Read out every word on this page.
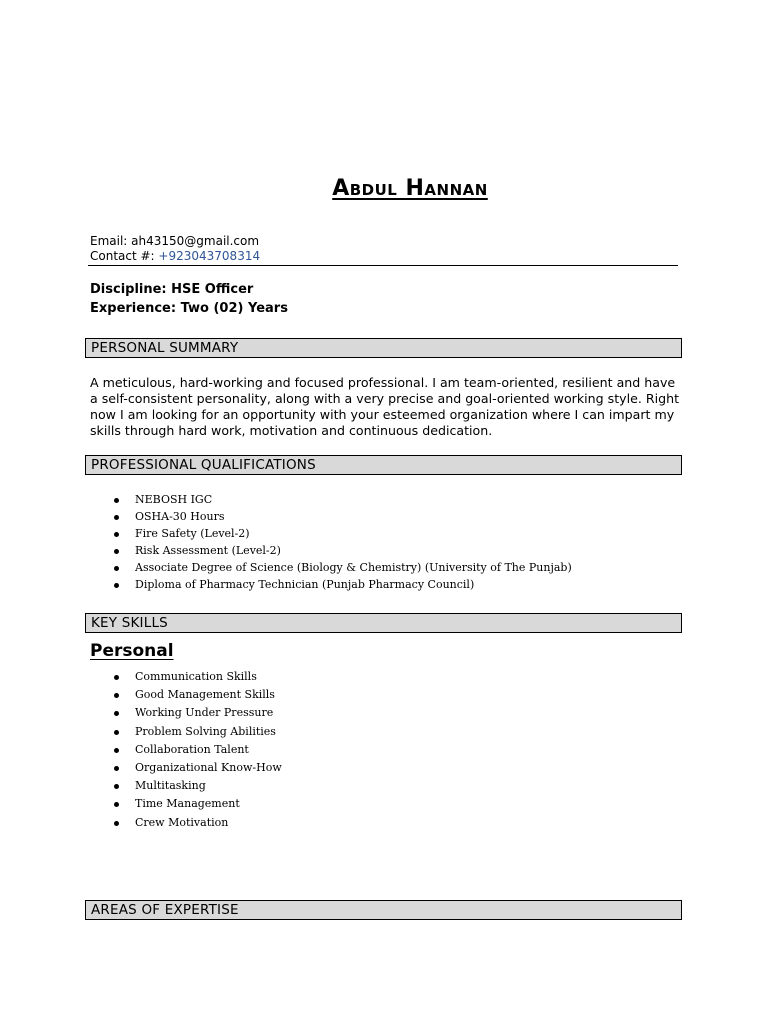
Abdul Hannan
Email: ah43150@gmail.com
Contact #: +923043708314
Discipline: HSE Officer
Experience: Two (02) Years
PERSONAL SUMMARY
A meticulous, hard-working and focused professional. I am team-oriented, resilient and have a self-consistent personality, along with a very precise and goal-oriented working style. Right now I am looking for an opportunity with your esteemed organization where I can impart my skills through hard work, motivation and continuous dedication.
PROFESSIONAL QUALIFICATIONS
NEBOSH IGC
OSHA-30 Hours
Fire Safety (Level-2)
Risk Assessment (Level-2)
Associate Degree of Science (Biology & Chemistry) (University of The Punjab)
Diploma of Pharmacy Technician (Punjab Pharmacy Council)
KEY SKILLS
Personal
Communication Skills
Good Management Skills
Working Under Pressure
Problem Solving Abilities
Collaboration Talent
Organizational Know-How
Multitasking
Time Management
Crew Motivation
AREAS OF EXPERTISE
